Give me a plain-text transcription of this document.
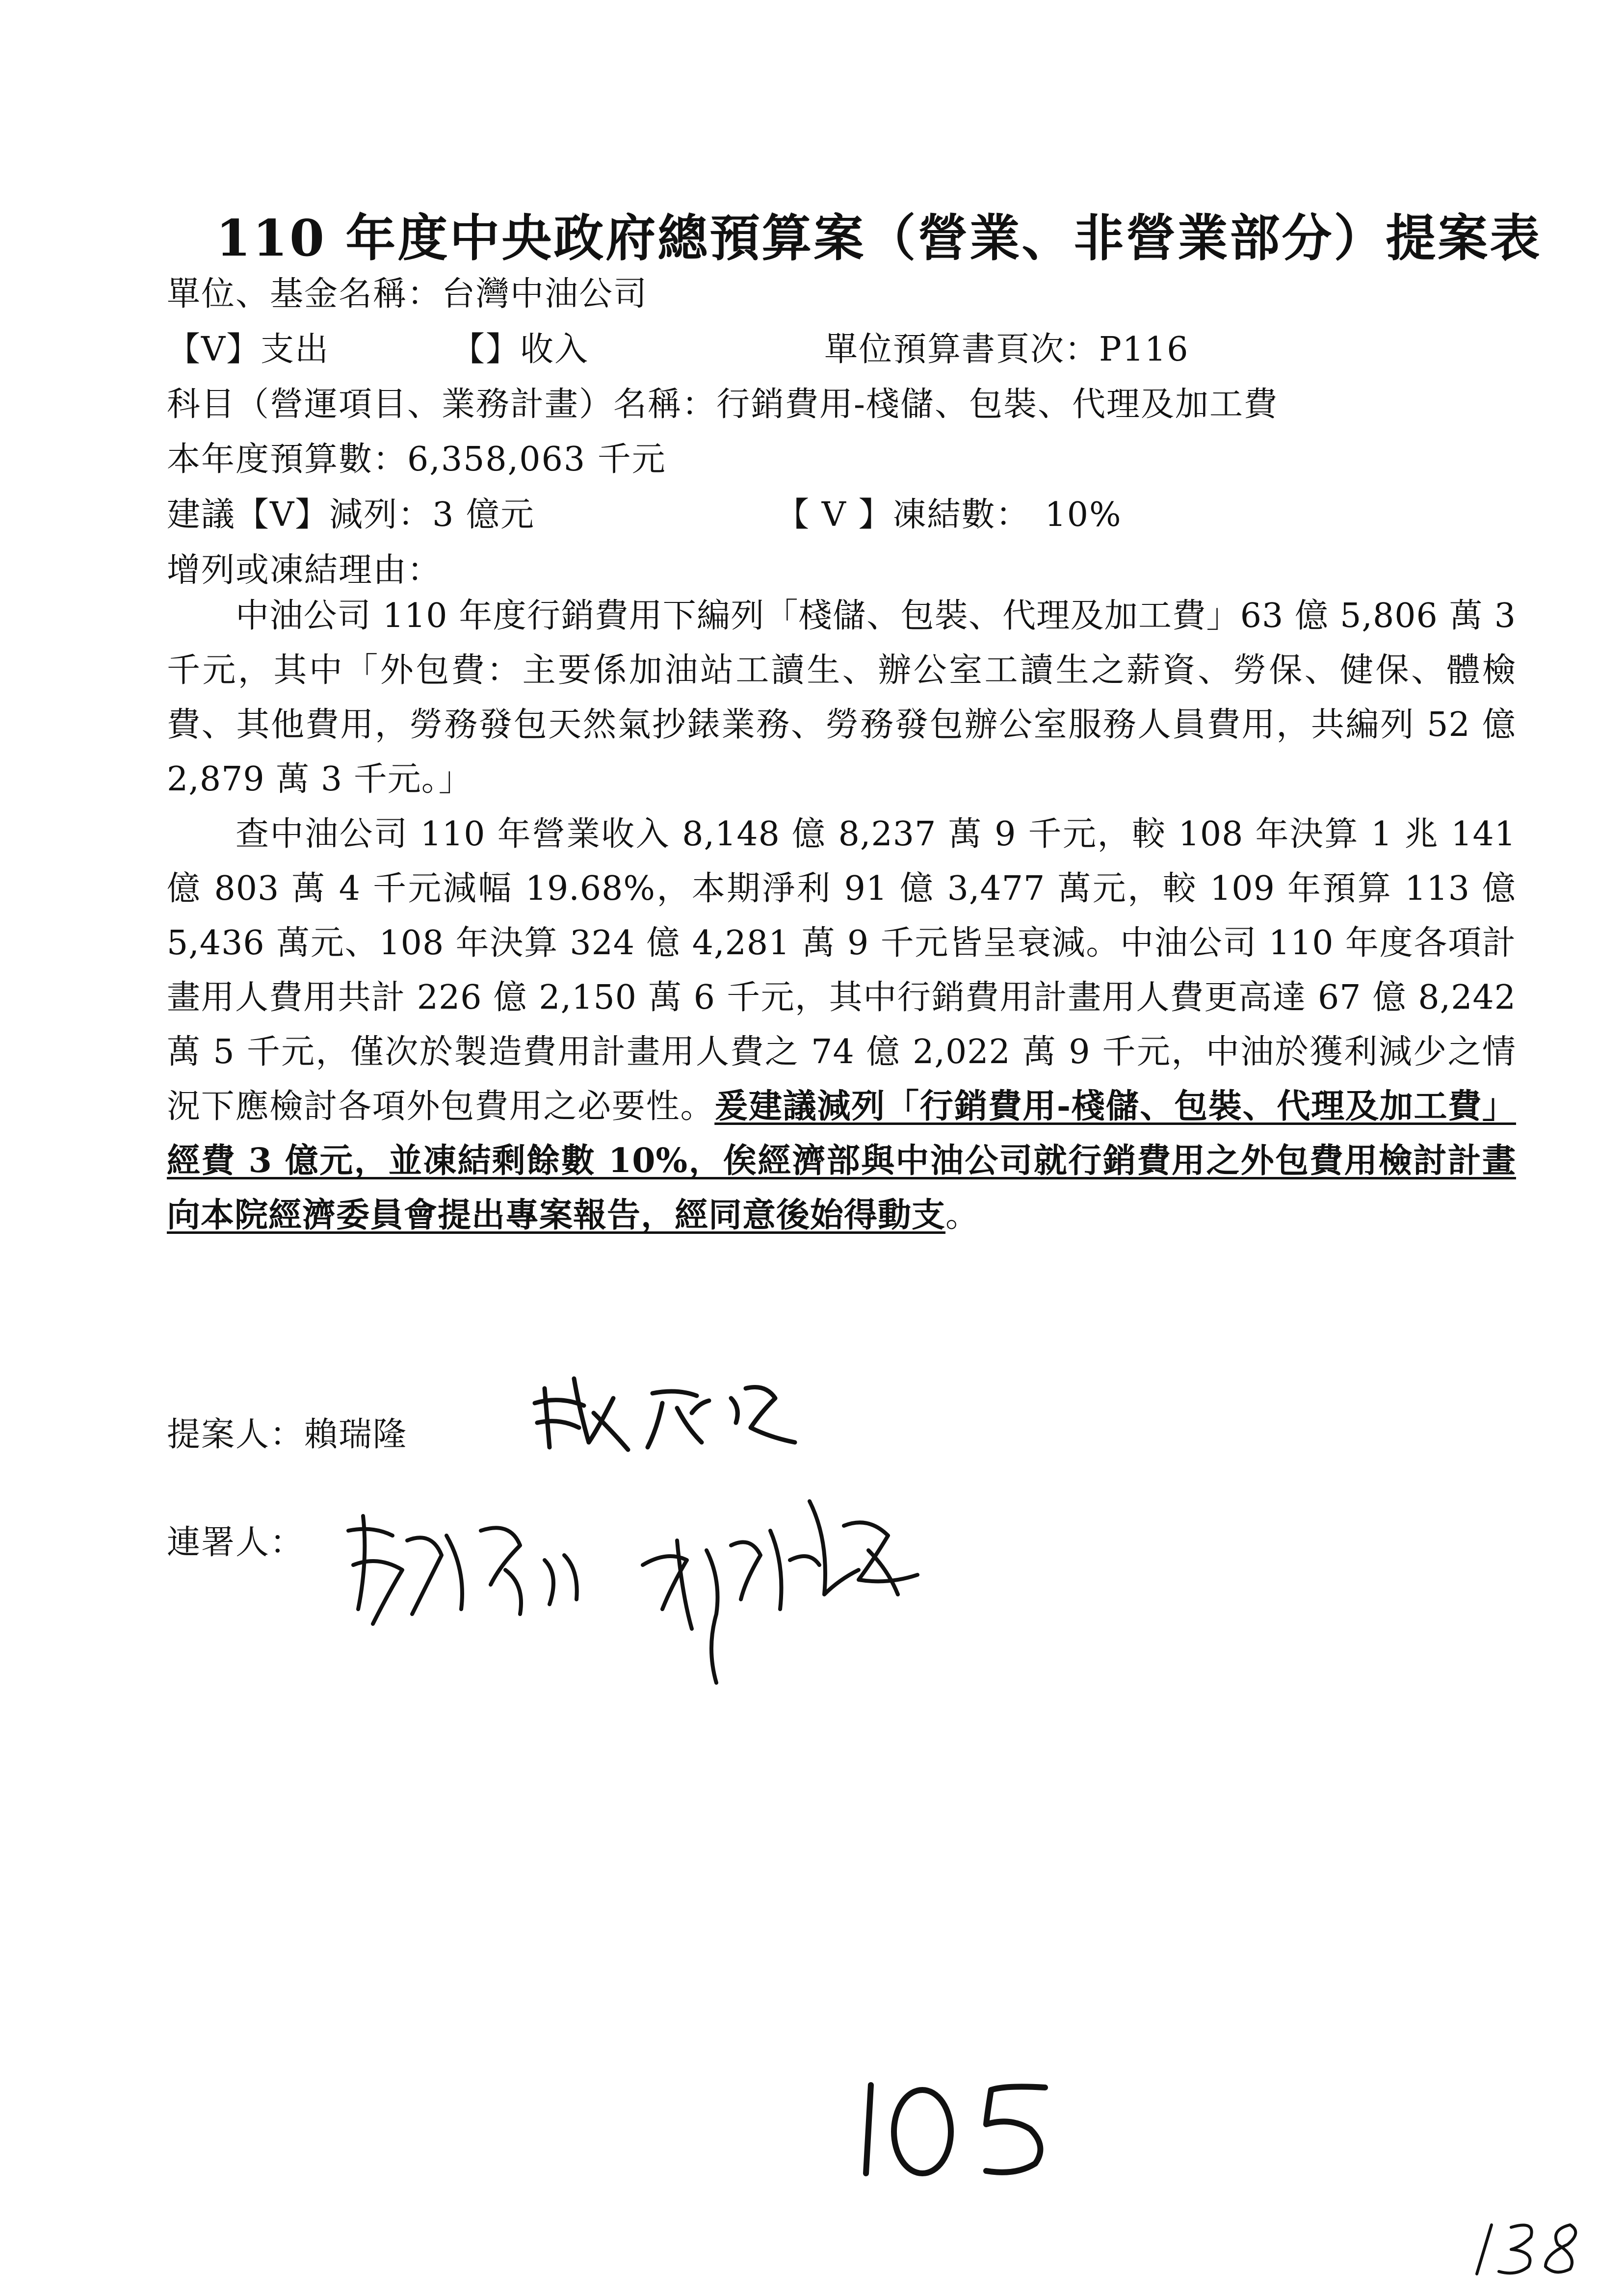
110 年度中央政府總預算案（營業、非營業部分）提案表
單位、基金名稱：台灣中油公司
【V】支出	【】收入	單位預算書頁次：P116
科目（營運項目、業務計畫）名稱：行銷費用-棧儲、包裝、代理及加工費
本年度預算數：6,358,063 千元
建議【V】減列：3 億元	【 V 】凍結數： 10%
增列或凍結理由：
中油公司 110 年度行銷費用下編列「棧儲、包裝、代理及加工費」63 億 5,806 萬 3 千元，其中「外包費：主要係加油站工讀生、辦公室工讀生之薪資、勞保、健保、體檢費、其他費用，勞務發包天然氣抄錶業務、勞務發包辦公室服務人員費用，共編列 52 億 2,879 萬 3 千元。」
查中油公司 110 年營業收入 8,148 億 8,237 萬 9 千元，較 108 年決算 1 兆 141 億 803 萬 4 千元減幅 19.68%，本期淨利 91 億 3,477 萬元，較 109 年預算 113 億 5,436 萬元、108 年決算 324 億 4,281 萬 9 千元皆呈衰減。中油公司 110 年度各項計畫用人費用共計 226 億 2,150 萬 6 千元，其中行銷費用計畫用人費更高達 67 億 8,242 萬 5 千元，僅次於製造費用計畫用人費之 74 億 2,022 萬 9 千元，中油於獲利減少之情況下應檢討各項外包費用之必要性。爰建議減列「行銷費用-棧儲、包裝、代理及加工費」經費 3 億元，並凍結剩餘數 10%，俟經濟部與中油公司就行銷費用之外包費用檢討計畫向本院經濟委員會提出專案報告，經同意後始得動支。
提案人：賴瑞隆
連署人：
